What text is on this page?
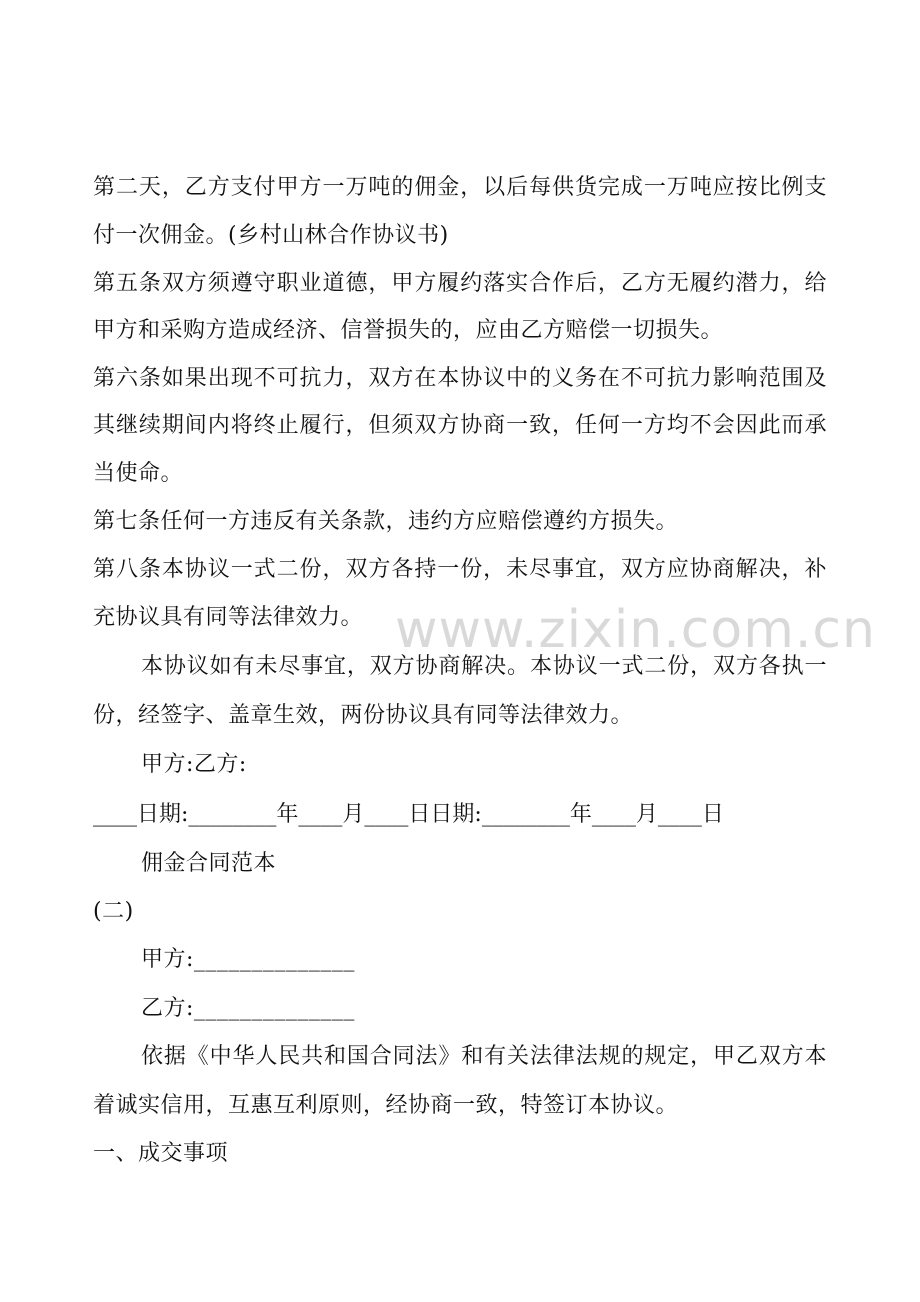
www.zixin.com.cn
第二天，乙方支付甲方一万吨的佣金，以后每供货完成一万吨应按比例支
付一次佣金。(乡村山林合作协议书)
第五条双方须遵守职业道德，甲方履约落实合作后，乙方无履约潜力，给
甲方和采购方造成经济、信誉损失的，应由乙方赔偿一切损失。
第六条如果出现不可抗力，双方在本协议中的义务在不可抗力影响范围及
其继续期间内将终止履行，但须双方协商一致，任何一方均不会因此而承
当使命。
第七条任何一方违反有关条款，违约方应赔偿遵约方损失。
第八条本协议一式二份，双方各持一份，未尽事宜，双方应协商解决，补
充协议具有同等法律效力。
本协议如有未尽事宜，双方协商解决。本协议一式二份，双方各执一
份，经签字、盖章生效，两份协议具有同等法律效力。
甲方:乙方:
____日期:________年____月____日日期:________年____月____日
佣金合同范本
(二)
甲方:______________
乙方:______________
依据《中华人民共和国合同法》和有关法律法规的规定，甲乙双方本
着诚实信用，互惠互利原则，经协商一致，特签订本协议。
一、成交事项
